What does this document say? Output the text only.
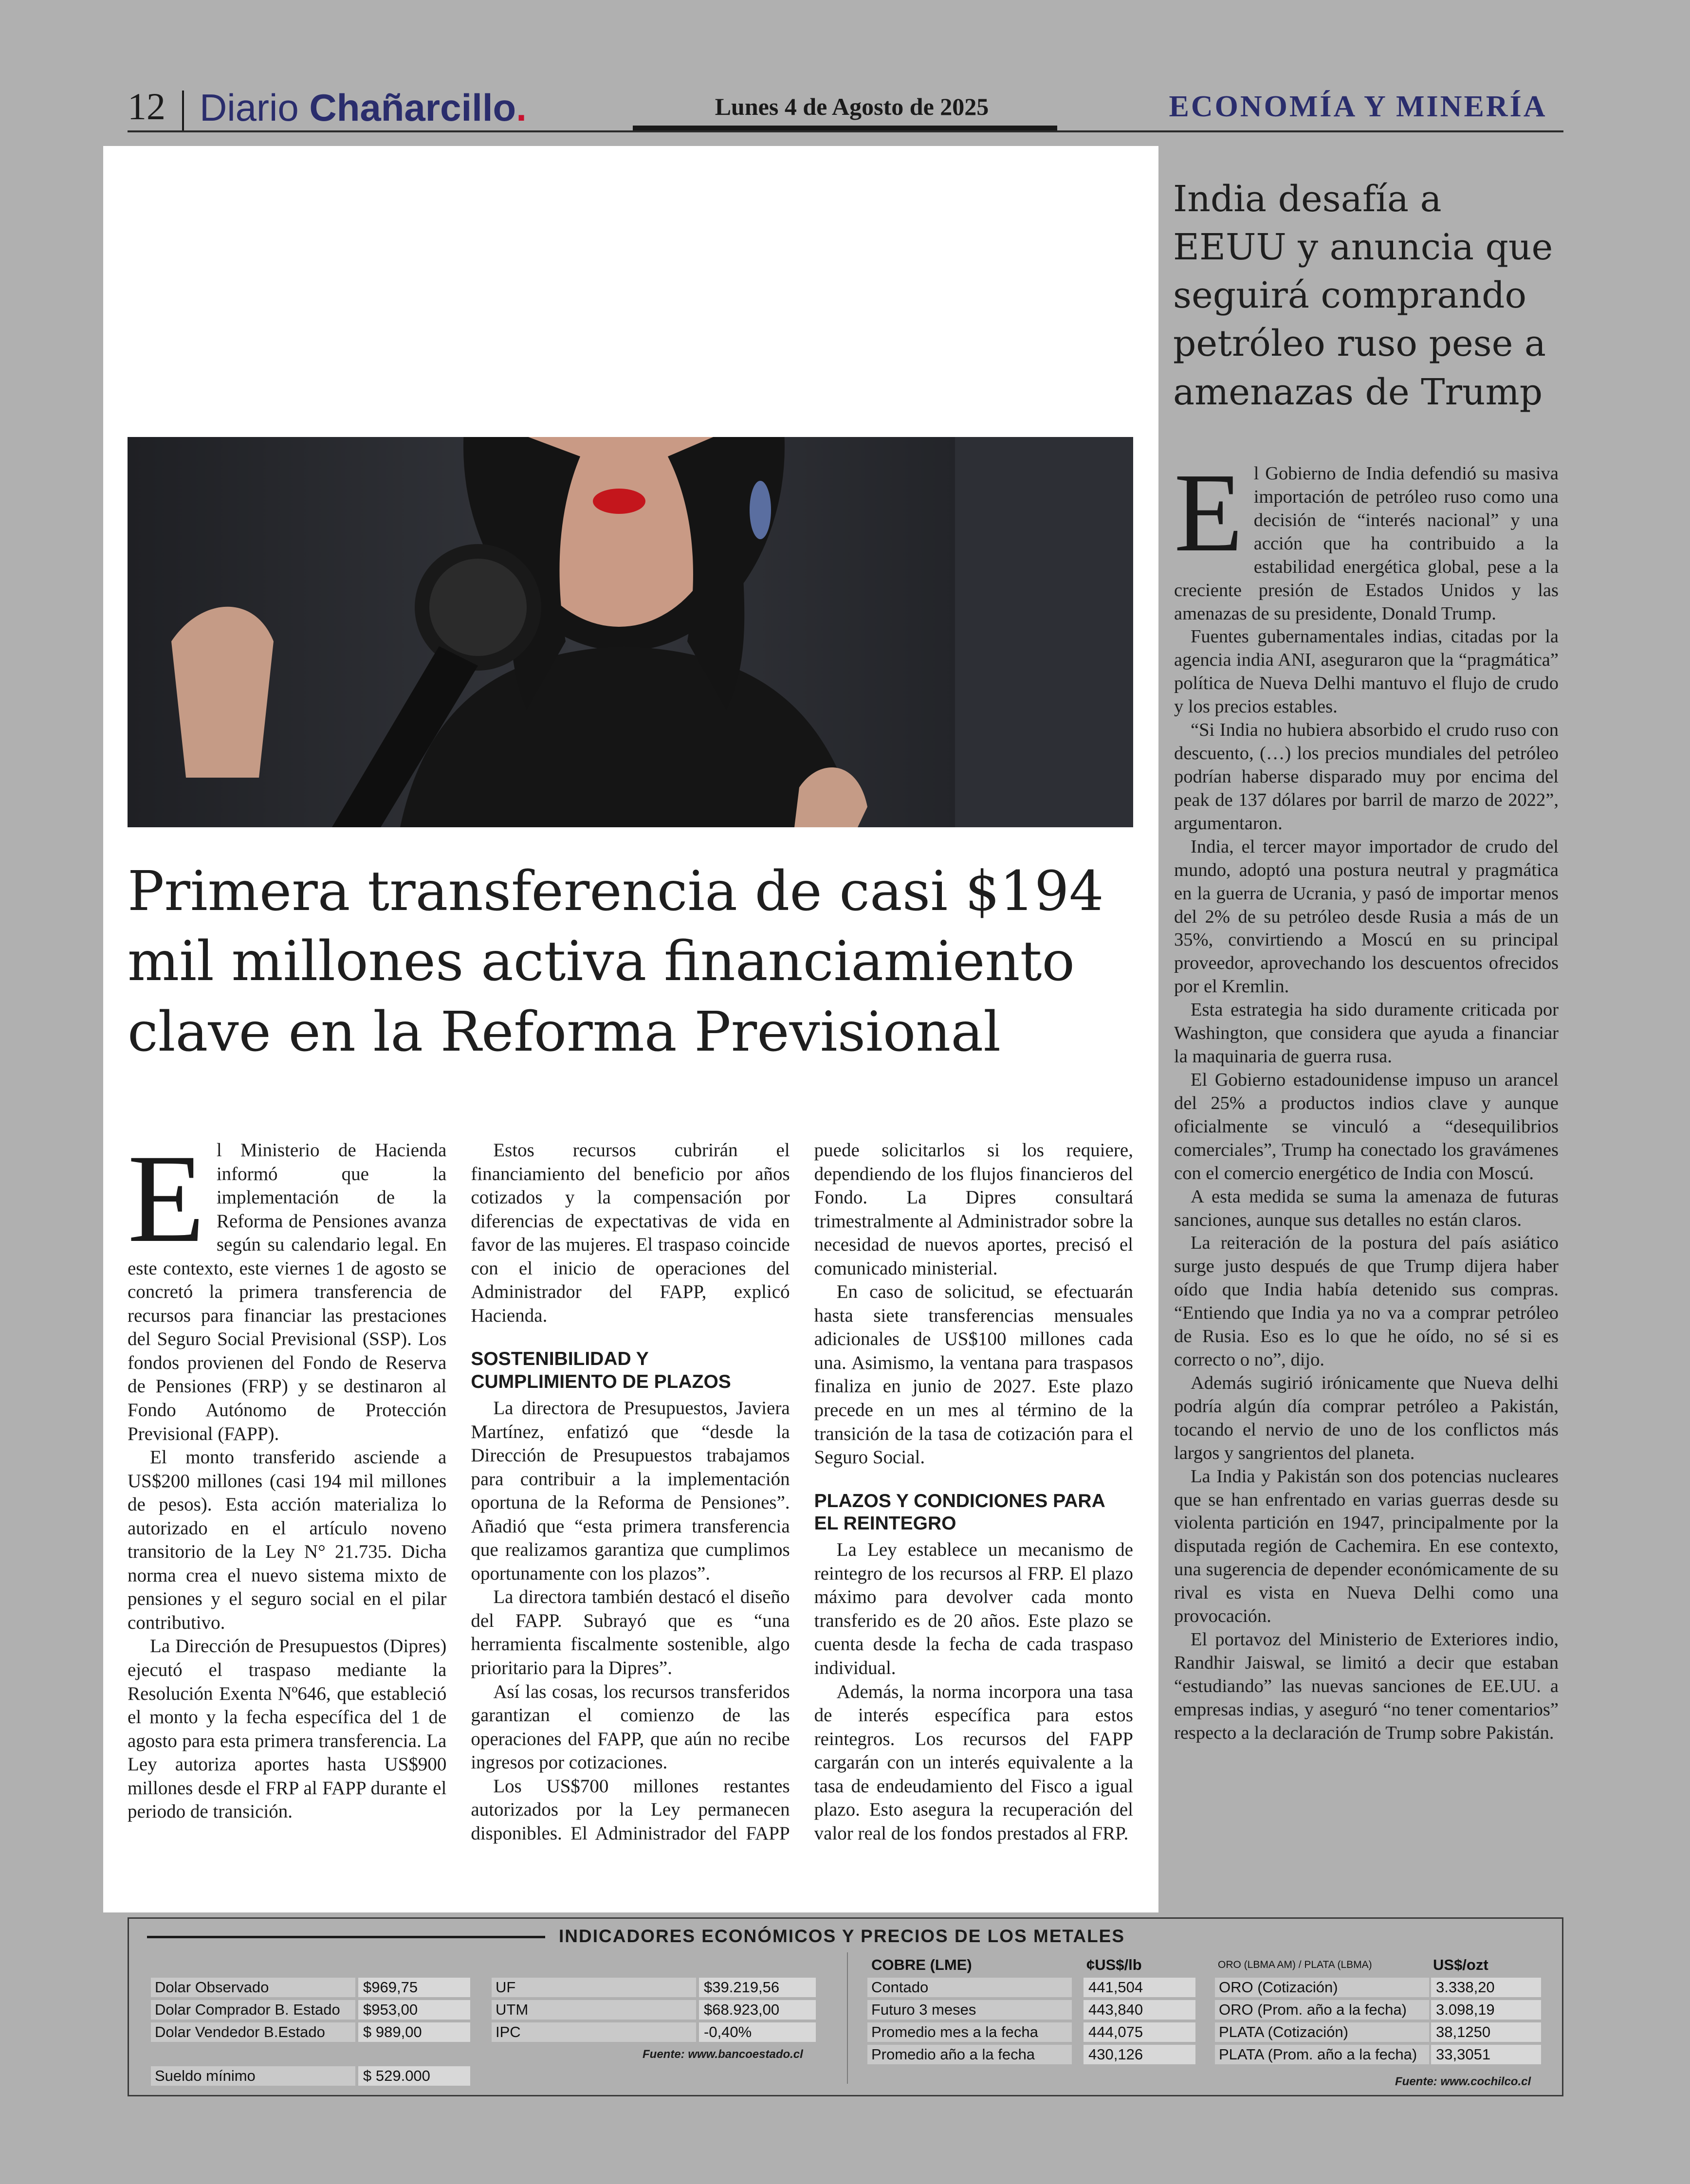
12 Diario Chañarcillo.	Lunes 4 de Agosto de 2025	ECONOMÍA Y MINERÍA
Primera transferencia de casi $194 mil millones activa financiamiento clave en la Reforma Previsional

El Ministerio de Hacienda informó que la implementación de la Reforma de Pensiones avanza según su calendario legal. En este contexto, este viernes 1 de agosto se concretó la primera transferencia de recursos para financiar las prestaciones del Seguro Social Previsional (SSP). Los fondos provienen del Fondo de Reserva de Pensiones (FRP) y se destinaron al Fondo Autónomo de Protección Previsional (FAPP).

El monto transferido asciende a US$200 millones (casi 194 mil millones de pesos). Esta acción materializa lo autorizado en el artículo noveno transitorio de la Ley N° 21.735. Dicha norma crea el nuevo sistema mixto de pensiones y el seguro social en el pilar contributivo.

La Dirección de Presupuestos (Dipres) ejecutó el traspaso mediante la Resolución Exenta Nº646, que estableció el monto y la fecha específica del 1 de agosto para esta primera transferencia. La Ley autoriza aportes hasta US$900 millones desde el FRP al FAPP durante el periodo de transición.

Estos recursos cubrirán el financiamiento del beneficio por años cotizados y la compensación por diferencias de expectativas de vida en favor de las mujeres. El traspaso coincide con el inicio de operaciones del Administrador del FAPP, explicó Hacienda.

SOSTENIBILIDAD Y CUMPLIMIENTO DE PLAZOS

La directora de Presupuestos, Javiera Martínez, enfatizó que “desde la Dirección de Presupuestos trabajamos para contribuir a la implementación oportuna de la Reforma de Pensiones”. Añadió que “esta primera transferencia que realizamos garantiza que cumplimos oportunamente con los plazos”.

La directora también destacó el diseño del FAPP. Subrayó que es “una herramienta fiscalmente sostenible, algo prioritario para la Dipres”.

Así las cosas, los recursos transferidos garantizan el comienzo de las operaciones del FAPP, que aún no recibe ingresos por cotizaciones.

Los US$700 millones restantes autorizados por la Ley permanecen disponibles. El Administrador del FAPP puede solicitarlos si los requiere, dependiendo de los flujos financieros del Fondo. La Dipres consultará trimestralmente al Administrador sobre la necesidad de nuevos aportes, precisó el comunicado ministerial.

En caso de solicitud, se efectuarán hasta siete transferencias mensuales adicionales de US$100 millones cada una. Asimismo, la ventana para traspasos finaliza en junio de 2027. Este plazo precede en un mes al término de la transición de la tasa de cotización para el Seguro Social.

PLAZOS Y CONDICIONES PARA EL REINTEGRO

La Ley establece un mecanismo de reintegro de los recursos al FRP. El plazo máximo para devolver cada monto transferido es de 20 años. Este plazo se cuenta desde la fecha de cada traspaso individual.

Además, la norma incorpora una tasa de interés específica para estos reintegros. Los recursos del FAPP cargarán con un interés equivalente a la tasa de endeudamiento del Fisco a igual plazo. Esto asegura la recuperación del valor real de los fondos prestados al FRP.

India desafía a EEUU y anuncia que seguirá comprando petróleo ruso pese a amenazas de Trump

El Gobierno de India defendió su masiva importación de petróleo ruso como una decisión de “interés nacional” y una acción que ha contribuido a la estabilidad energética global, pese a la creciente presión de Estados Unidos y las amenazas de su presidente, Donald Trump.

Fuentes gubernamentales indias, citadas por la agencia india ANI, aseguraron que la “pragmática” política de Nueva Delhi mantuvo el flujo de crudo y los precios estables.

“Si India no hubiera absorbido el crudo ruso con descuento, (…) los precios mundiales del petróleo podrían haberse disparado muy por encima del peak de 137 dólares por barril de marzo de 2022”, argumentaron.

India, el tercer mayor importador de crudo del mundo, adoptó una postura neutral y pragmática en la guerra de Ucrania, y pasó de importar menos del 2% de su petróleo desde Rusia a más de un 35%, convirtiendo a Moscú en su principal proveedor, aprovechando los descuentos ofrecidos por el Kremlin.

Esta estrategia ha sido duramente criticada por Washington, que considera que ayuda a financiar la maquinaria de guerra rusa.

El Gobierno estadounidense impuso un arancel del 25% a productos indios clave y aunque oficialmente se vinculó a “desequilibrios comerciales”, Trump ha conectado los gravámenes con el comercio energético de India con Moscú.

A esta medida se suma la amenaza de futuras sanciones, aunque sus detalles no están claros.

La reiteración de la postura del país asiático surge justo después de que Trump dijera haber oído que India había detenido sus compras. “Entiendo que India ya no va a comprar petróleo de Rusia. Eso es lo que he oído, no sé si es correcto o no”, dijo.

Además sugirió irónicamente que Nueva delhi podría algún día comprar petróleo a Pakistán, tocando el nervio de uno de los conflictos más largos y sangrientos del planeta.

La India y Pakistán son dos potencias nucleares que se han enfrentado en varias guerras desde su violenta partición en 1947, principalmente por la disputada región de Cachemira. En ese contexto, una sugerencia de depender económicamente de su rival es vista en Nueva Delhi como una provocación.

El portavoz del Ministerio de Exteriores indio, Randhir Jaiswal, se limitó a decir que estaban “estudiando” las nuevas sanciones de EE.UU. a empresas indias, y aseguró “no tener comentarios” respecto a la declaración de Trump sobre Pakistán.

INDICADORES ECONÓMICOS Y PRECIOS DE LOS METALES
Dolar Observado	$969,75
Dolar Comprador B. Estado	$953,00
Dolar Vendedor B.Estado	$ 989,00
Sueldo mínimo	$ 529.000
UF	$39.219,56
UTM	$68.923,00
IPC	-0,40%
Fuente: www.bancoestado.cl
COBRE (LME)	¢US$/lb
Contado	441,504
Futuro 3 meses	443,840
Promedio mes a la fecha	444,075
Promedio año a la fecha	430,126
ORO (LBMA AM) / PLATA (LBMA)	US$/ozt
ORO (Cotización)	3.338,20
ORO (Prom. año a la fecha)	3.098,19
PLATA (Cotización)	38,1250
PLATA (Prom. año a la fecha)	33,3051
Fuente: www.cochilco.cl
